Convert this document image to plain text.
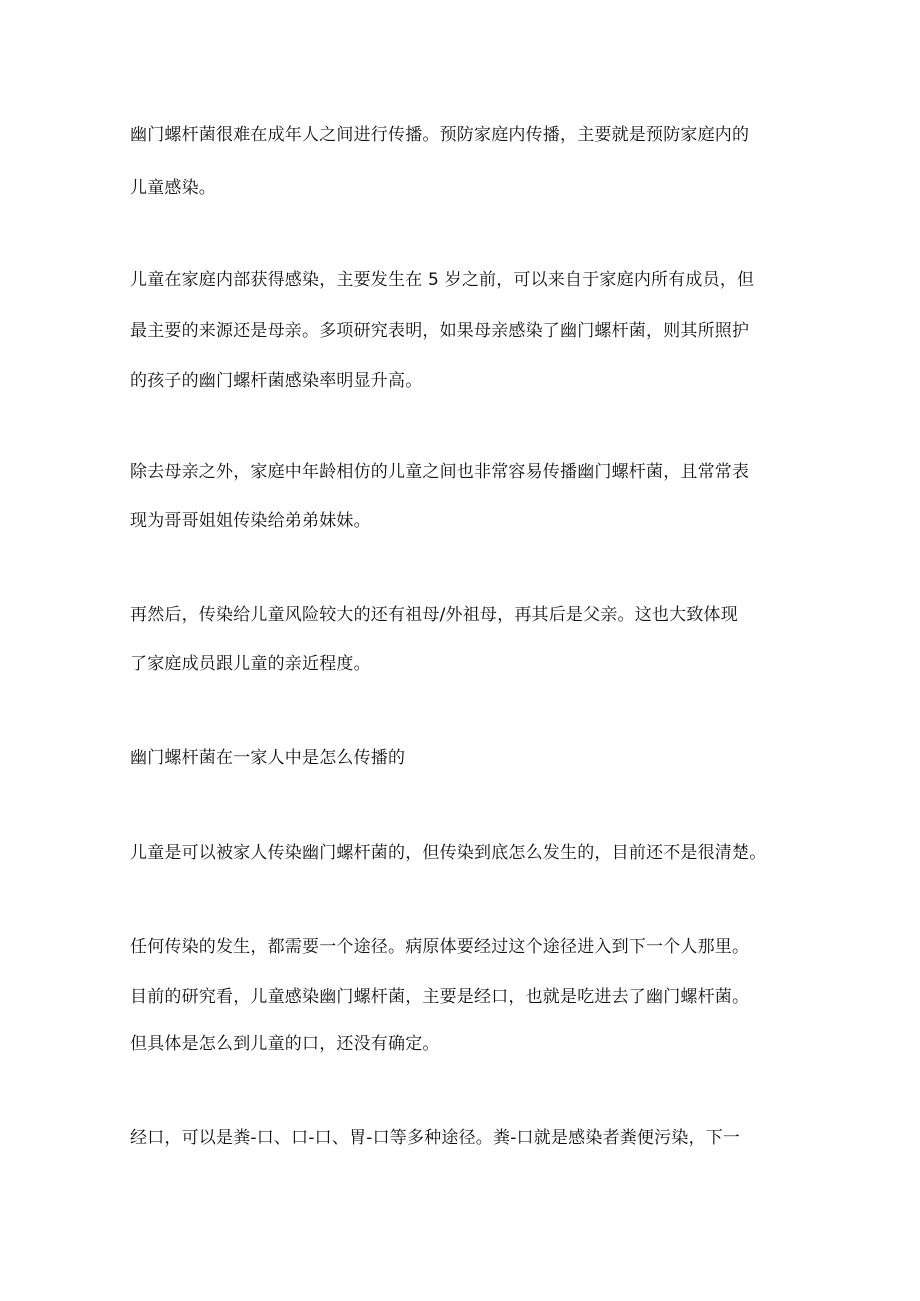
幽门螺杆菌很难在成年人之间进行传播。预防家庭内传播，主要就是预防家庭内的
儿童感染。
儿童在家庭内部获得感染，主要发生在 5 岁之前，可以来自于家庭内所有成员，但
最主要的来源还是母亲。多项研究表明，如果母亲感染了幽门螺杆菌，则其所照护
的孩子的幽门螺杆菌感染率明显升高。
除去母亲之外，家庭中年龄相仿的儿童之间也非常容易传播幽门螺杆菌，且常常表
现为哥哥姐姐传染给弟弟妹妹。
再然后，传染给儿童风险较大的还有祖母/外祖母，再其后是父亲。这也大致体现
了家庭成员跟儿童的亲近程度。
幽门螺杆菌在一家人中是怎么传播的
儿童是可以被家人传染幽门螺杆菌的，但传染到底怎么发生的，目前还不是很清楚。
任何传染的发生，都需要一个途径。病原体要经过这个途径进入到下一个人那里。
目前的研究看，儿童感染幽门螺杆菌，主要是经口，也就是吃进去了幽门螺杆菌。
但具体是怎么到儿童的口，还没有确定。
经口，可以是粪-口、口-口、胃-口等多种途径。粪-口就是感染者粪便污染，下一
